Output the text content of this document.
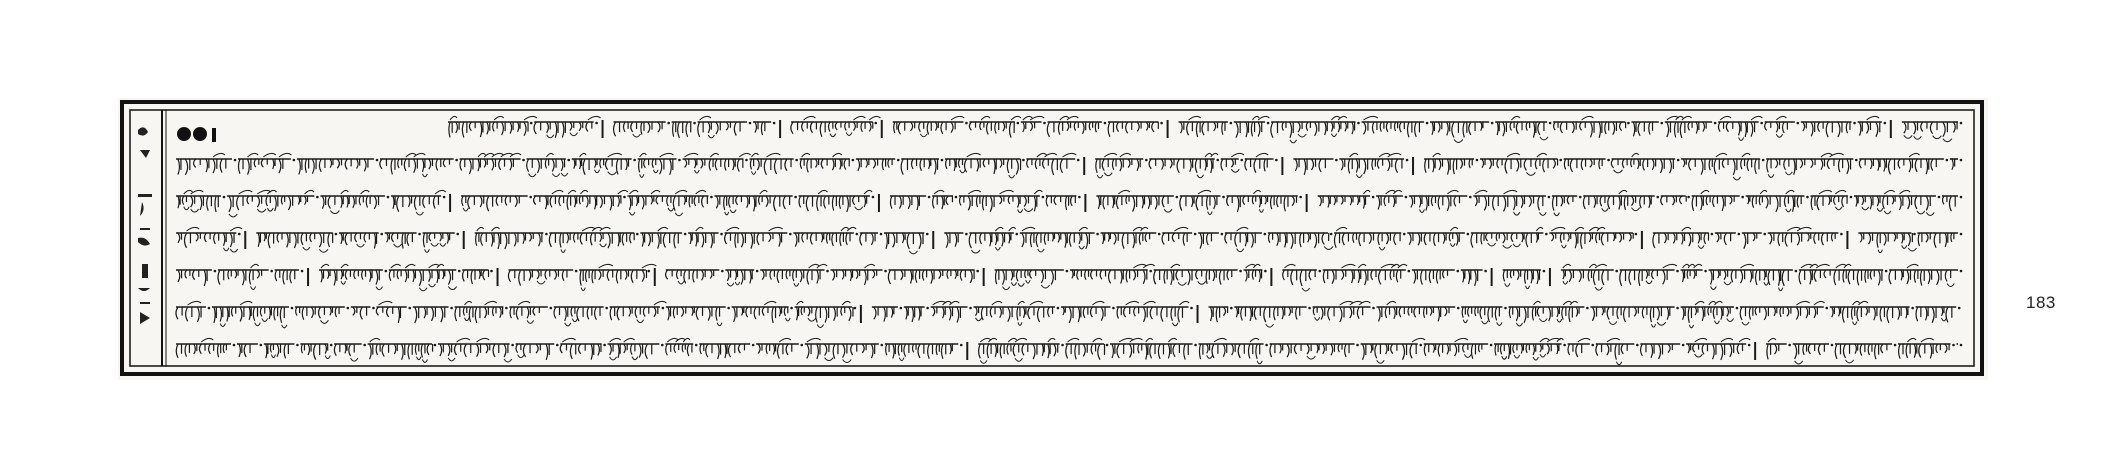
183
